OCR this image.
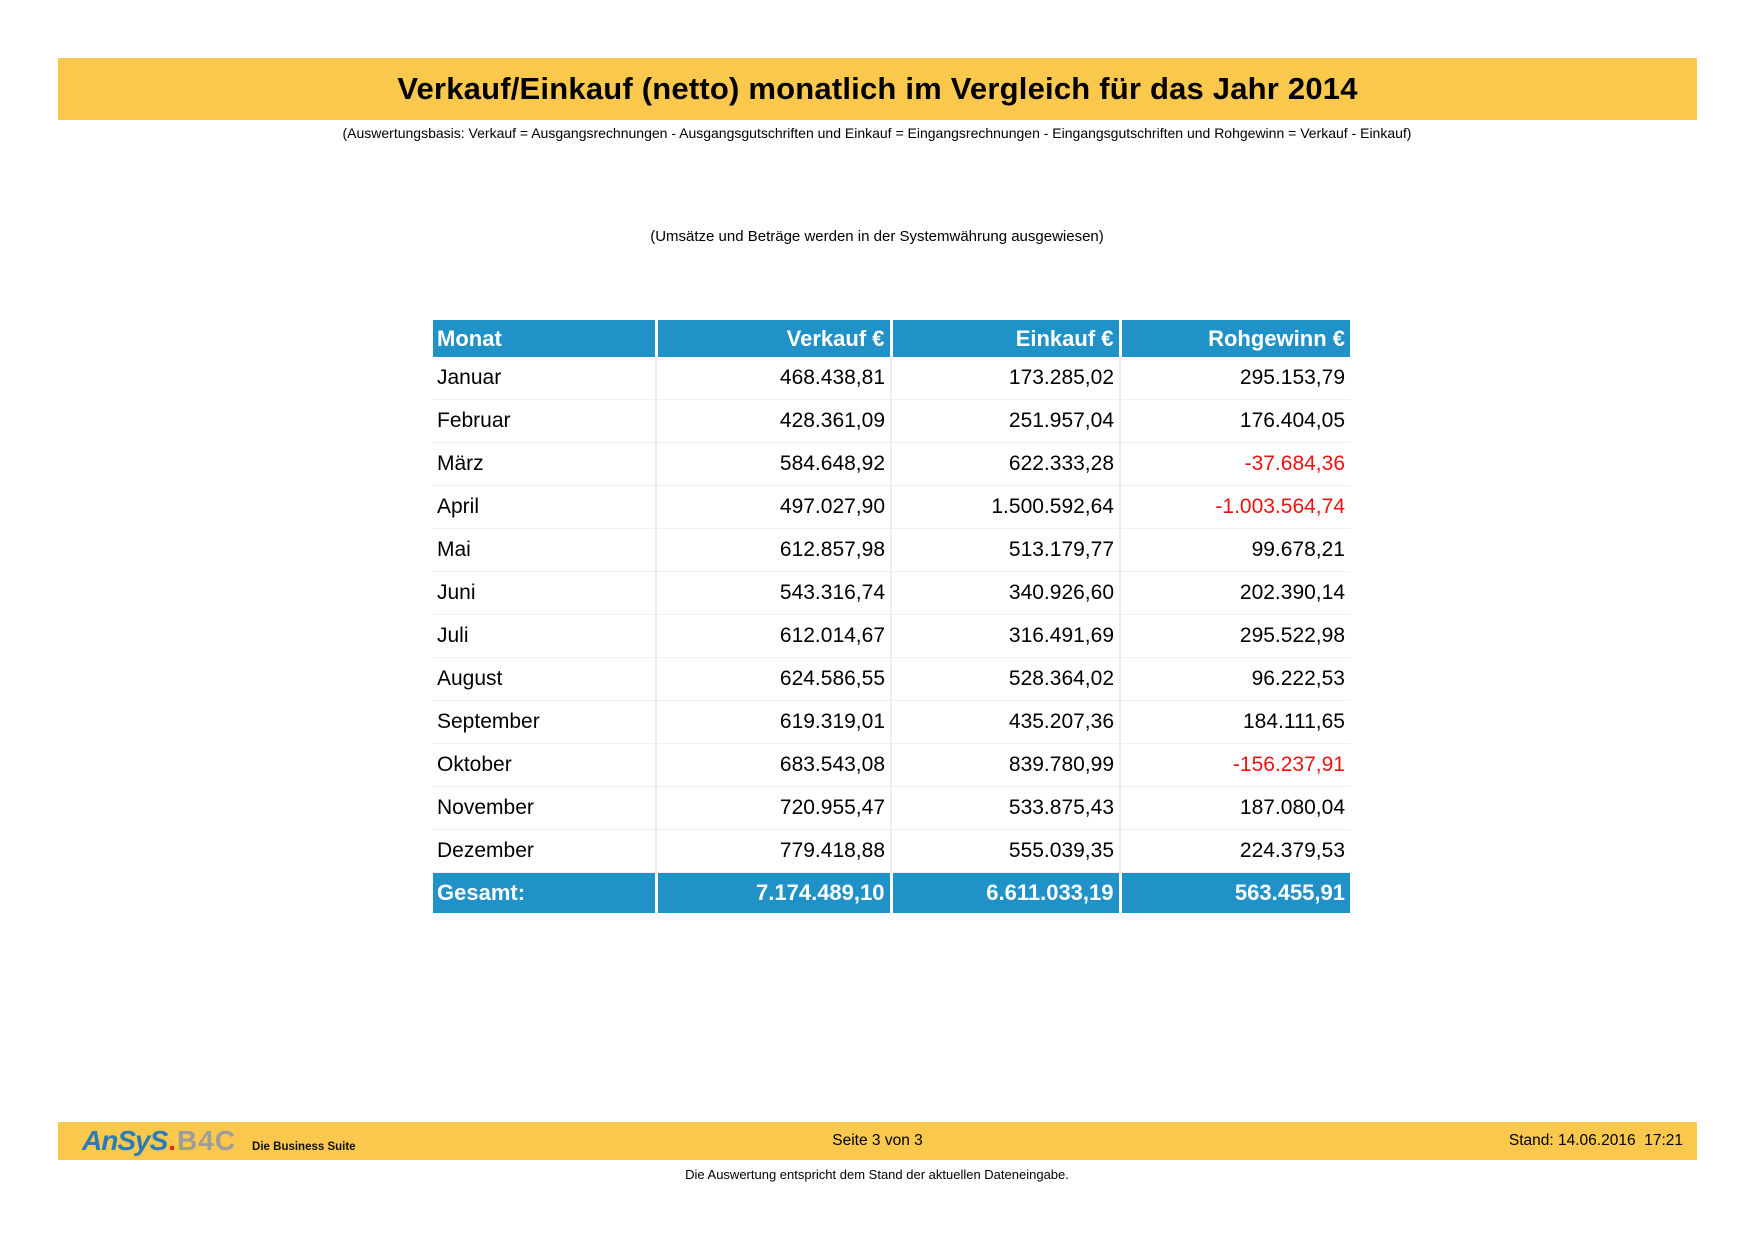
Verkauf/Einkauf (netto) monatlich im Vergleich für das Jahr 2014
(Auswertungsbasis: Verkauf = Ausgangsrechnungen - Ausgangsgutschriften und Einkauf = Eingangsrechnungen - Eingangsgutschriften und Rohgewinn = Verkauf - Einkauf)
(Umsätze und Beträge werden in der Systemwährung ausgewiesen)
Monat	Verkauf €	Einkauf €	Rohgewinn €
Januar	468.438,81	173.285,02	295.153,79
Februar	428.361,09	251.957,04	176.404,05
März	584.648,92	622.333,28	-37.684,36
April	497.027,90	1.500.592,64	-1.003.564,74
Mai	612.857,98	513.179,77	99.678,21
Juni	543.316,74	340.926,60	202.390,14
Juli	612.014,67	316.491,69	295.522,98
August	624.586,55	528.364,02	96.222,53
September	619.319,01	435.207,36	184.111,65
Oktober	683.543,08	839.780,99	-156.237,91
November	720.955,47	533.875,43	187.080,04
Dezember	779.418,88	555.039,35	224.379,53
Gesamt:	7.174.489,10	6.611.033,19	563.455,91
AnSyS . B4C Die Business Suite	Seite 3 von 3	Stand: 14.06.2016  17:21
Die Auswertung entspricht dem Stand der aktuellen Dateneingabe.
